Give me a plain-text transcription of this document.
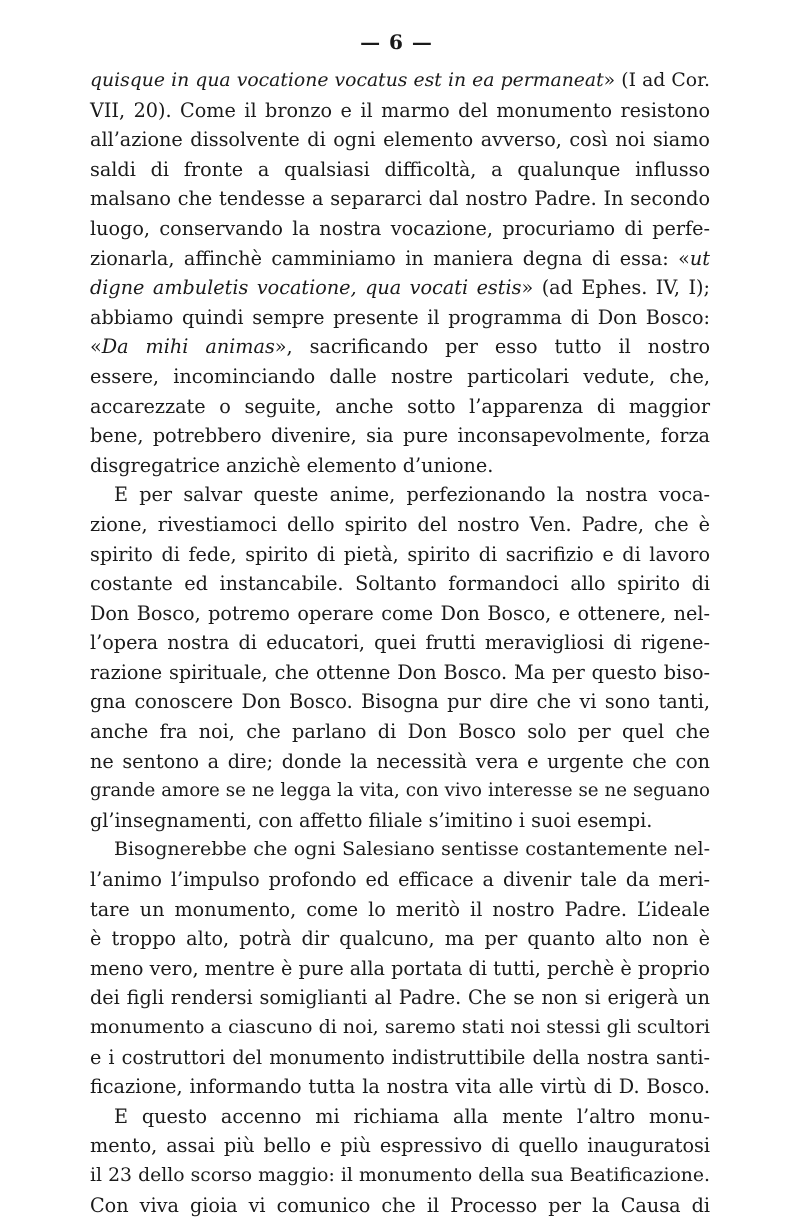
— 6 —
quisque in qua vocatione vocatus est in ea permaneat» (I ad Cor.
VII, 20). Come il bronzo e il marmo del monumento resistono
all’azione dissolvente di ogni elemento avverso, così noi siamo
saldi di fronte a qualsiasi difficoltà, a qualunque influsso
malsano che tendesse a separarci dal nostro Padre. In secondo
luogo, conservando la nostra vocazione, procuriamo di perfe-
zionarla, affinchè camminiamo in maniera degna di essa: «ut
digne ambuletis vocatione, qua vocati estis» (ad Ephes. IV, I);
abbiamo quindi sempre presente il programma di Don Bosco:
«Da mihi animas», sacrificando per esso tutto il nostro
essere, incominciando dalle nostre particolari vedute, che,
accarezzate o seguite, anche sotto l’apparenza di maggior
bene, potrebbero divenire, sia pure inconsapevolmente, forza
disgregatrice anzichè elemento d’unione.
E per salvar queste anime, perfezionando la nostra voca-
zione, rivestiamoci dello spirito del nostro Ven. Padre, che è
spirito di fede, spirito di pietà, spirito di sacrifizio e di lavoro
costante ed instancabile. Soltanto formandoci allo spirito di
Don Bosco, potremo operare come Don Bosco, e ottenere, nel-
l’opera nostra di educatori, quei frutti meravigliosi di rigene-
razione spirituale, che ottenne Don Bosco. Ma per questo biso-
gna conoscere Don Bosco. Bisogna pur dire che vi sono tanti,
anche fra noi, che parlano di Don Bosco solo per quel che
ne sentono a dire; donde la necessità vera e urgente che con
grande amore se ne legga la vita, con vivo interesse se ne seguano
gl’insegnamenti, con affetto filiale s’imitino i suoi esempi.
Bisognerebbe che ogni Salesiano sentisse costantemente nel-
l’animo l’impulso profondo ed efficace a divenir tale da meri-
tare un monumento, come lo meritò il nostro Padre. L’ideale
è troppo alto, potrà dir qualcuno, ma per quanto alto non è
meno vero, mentre è pure alla portata di tutti, perchè è proprio
dei figli rendersi somiglianti al Padre. Che se non si erigerà un
monumento a ciascuno di noi, saremo stati noi stessi gli scultori
e i costruttori del monumento indistruttibile della nostra santi-
ficazione, informando tutta la nostra vita alle virtù di D. Bosco.
E questo accenno mi richiama alla mente l’altro monu-
mento, assai più bello e più espressivo di quello inauguratosi
il 23 dello scorso maggio: il monumento della sua Beatificazione.
Con viva gioia vi comunico che il Processo per la Causa di
